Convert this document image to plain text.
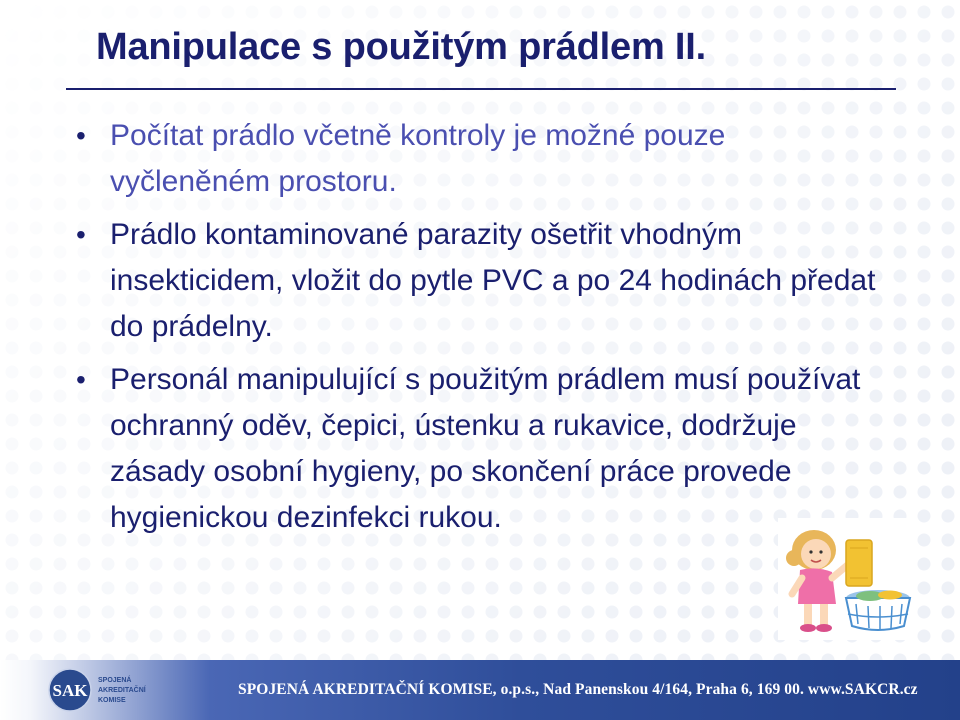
Manipulace s použitým prádlem II.
• Počítat prádlo včetně kontroly je možné pouze vyčleněném prostoru.
• Prádlo kontaminované parazity ošetřit vhodným insekticidem, vložit do pytle PVC a po 24 hodinách předat do prádelny.
• Personál manipulující s použitým prádlem musí používat ochranný oděv, čepici, ústenku a rukavice, dodržuje zásady osobní hygieny, po skončení práce provede hygienickou dezinfekci rukou.
SAK
SPOJENÁ
AKREDITAČNÍ
KOMISE
SPOJENÁ AKREDITAČNÍ KOMISE, o.p.s., Nad Panenskou 4/164, Praha 6, 169 00. www.SAKCR.cz
